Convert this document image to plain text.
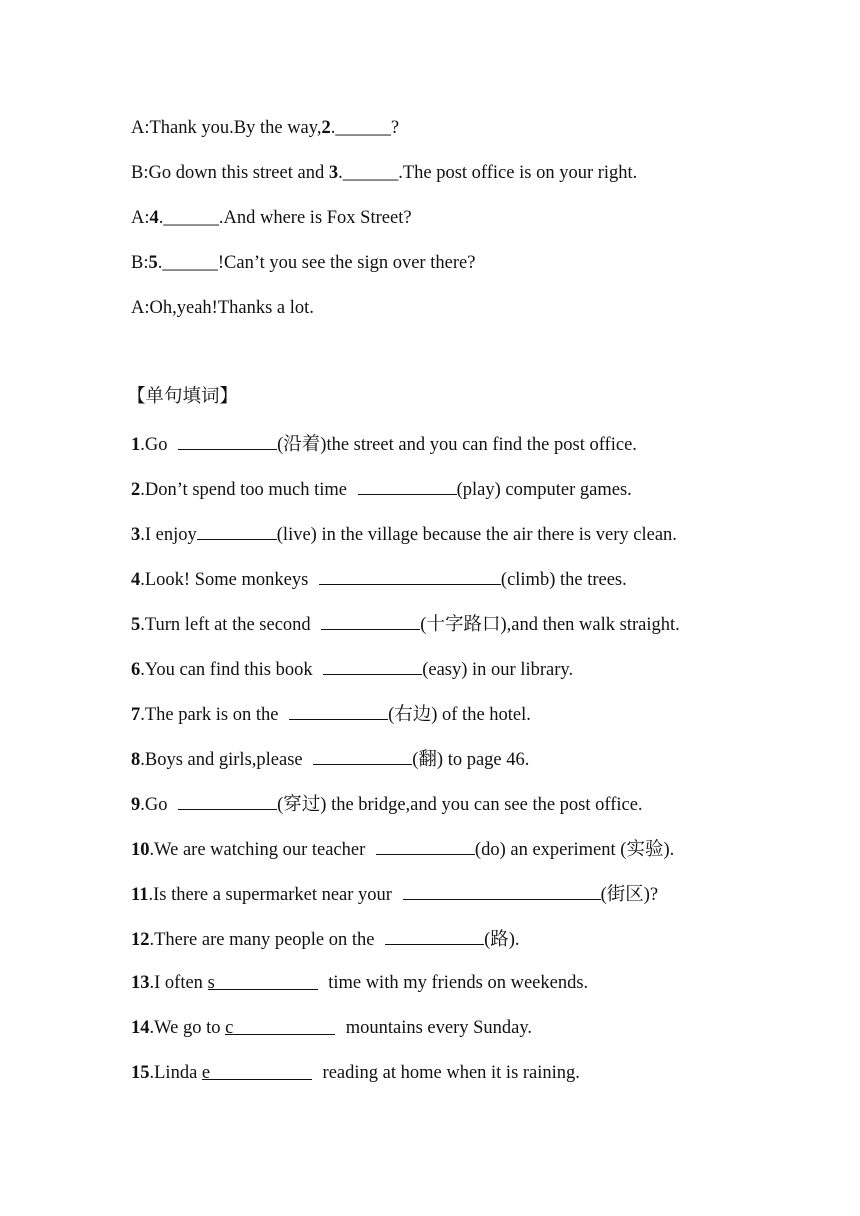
A:Thank you.By the way,2.______?
B:Go down this street and 3.______.The post office is on your right.
A:4.______.And where is Fox Street?
B:5.______!Can’t you see the sign over there?
A:Oh,yeah!Thanks a lot.
【单句填词】
1.Go	(沿着)the street and you can find the post office.
2.Don’t spend too much time	(play) computer games.
3.I enjoy	(live) in the village because the air there is very clean.
4.Look! Some monkeys	(climb) the trees.
5.Turn left at the second	(十字路口),and then walk straight.
6.You can find this book	(easy) in our library.
7.The park is on the	(右边) of the hotel.
8.Boys and girls,please	(翻) to page 46.
9.Go	(穿过) the bridge,and you can see the post office.
10.We are watching our teacher	(do) an experiment (实验).
11.Is there a supermarket near your	(街区)?
12.There are many people on the	(路).
13.I often s	time with my friends on weekends.
14.We go to c	mountains every Sunday.
15.Linda e	reading at home when it is raining.
